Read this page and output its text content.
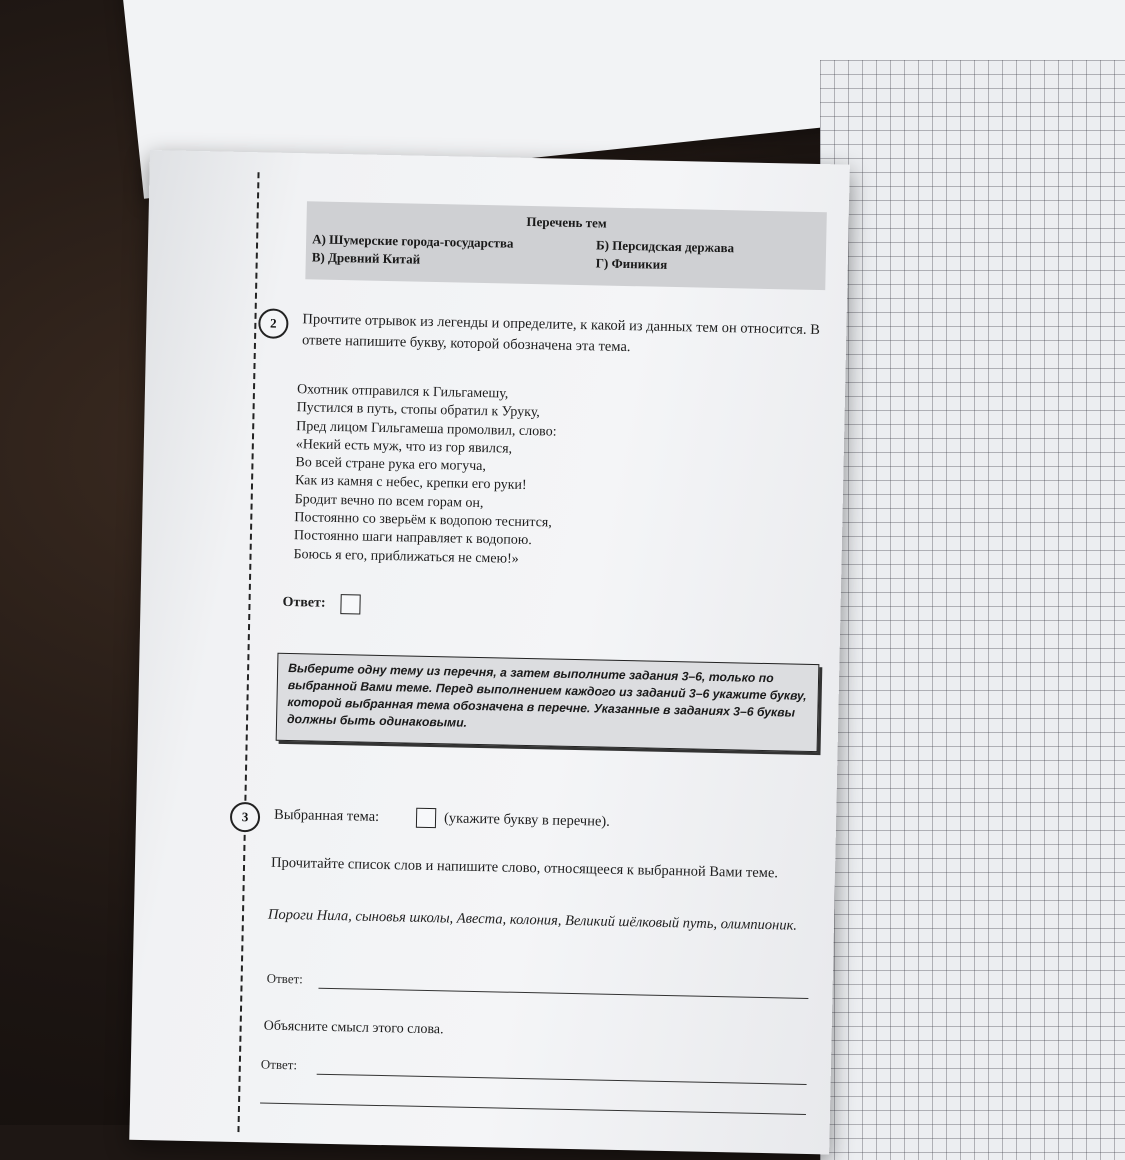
Перечень тем
А) Шумерские города-государства	Б) Персидская держава
В) Древний Китай	Г) Финикия
2	Прочтите отрывок из легенды и определите, к какой из данных тем он относится. В ответе напишите букву, которой обозначена эта тема.
Охотник отправился к Гильгамешу,
Пустился в путь, стопы обратил к Уруку,
Пред лицом Гильгамеша промолвил, слово:
«Некий есть муж, что из гор явился,
Во всей стране рука его могуча,
Как из камня с небес, крепки его руки!
Бродит вечно по всем горам он,
Постоянно со зверьём к водопою теснится,
Постоянно шаги направляет к водопою.
Боюсь я его, приближаться не смею!»
Ответ:
Выберите одну тему из перечня, а затем выполните задания 3–6, только по выбранной Вами теме. Перед выполнением каждого из заданий 3–6 укажите букву, которой выбранная тема обозначена в перечне. Указанные в заданиях 3–6 буквы должны быть одинаковыми.
3	Выбранная тема:	(укажите букву в перечне).
Прочитайте список слов и напишите слово, относящееся к выбранной Вами теме.
Пороги Нила, сыновья школы, Авеста, колония, Великий шёлковый путь, олимпионик.
Ответ:
Объясните смысл этого слова.
Ответ:
